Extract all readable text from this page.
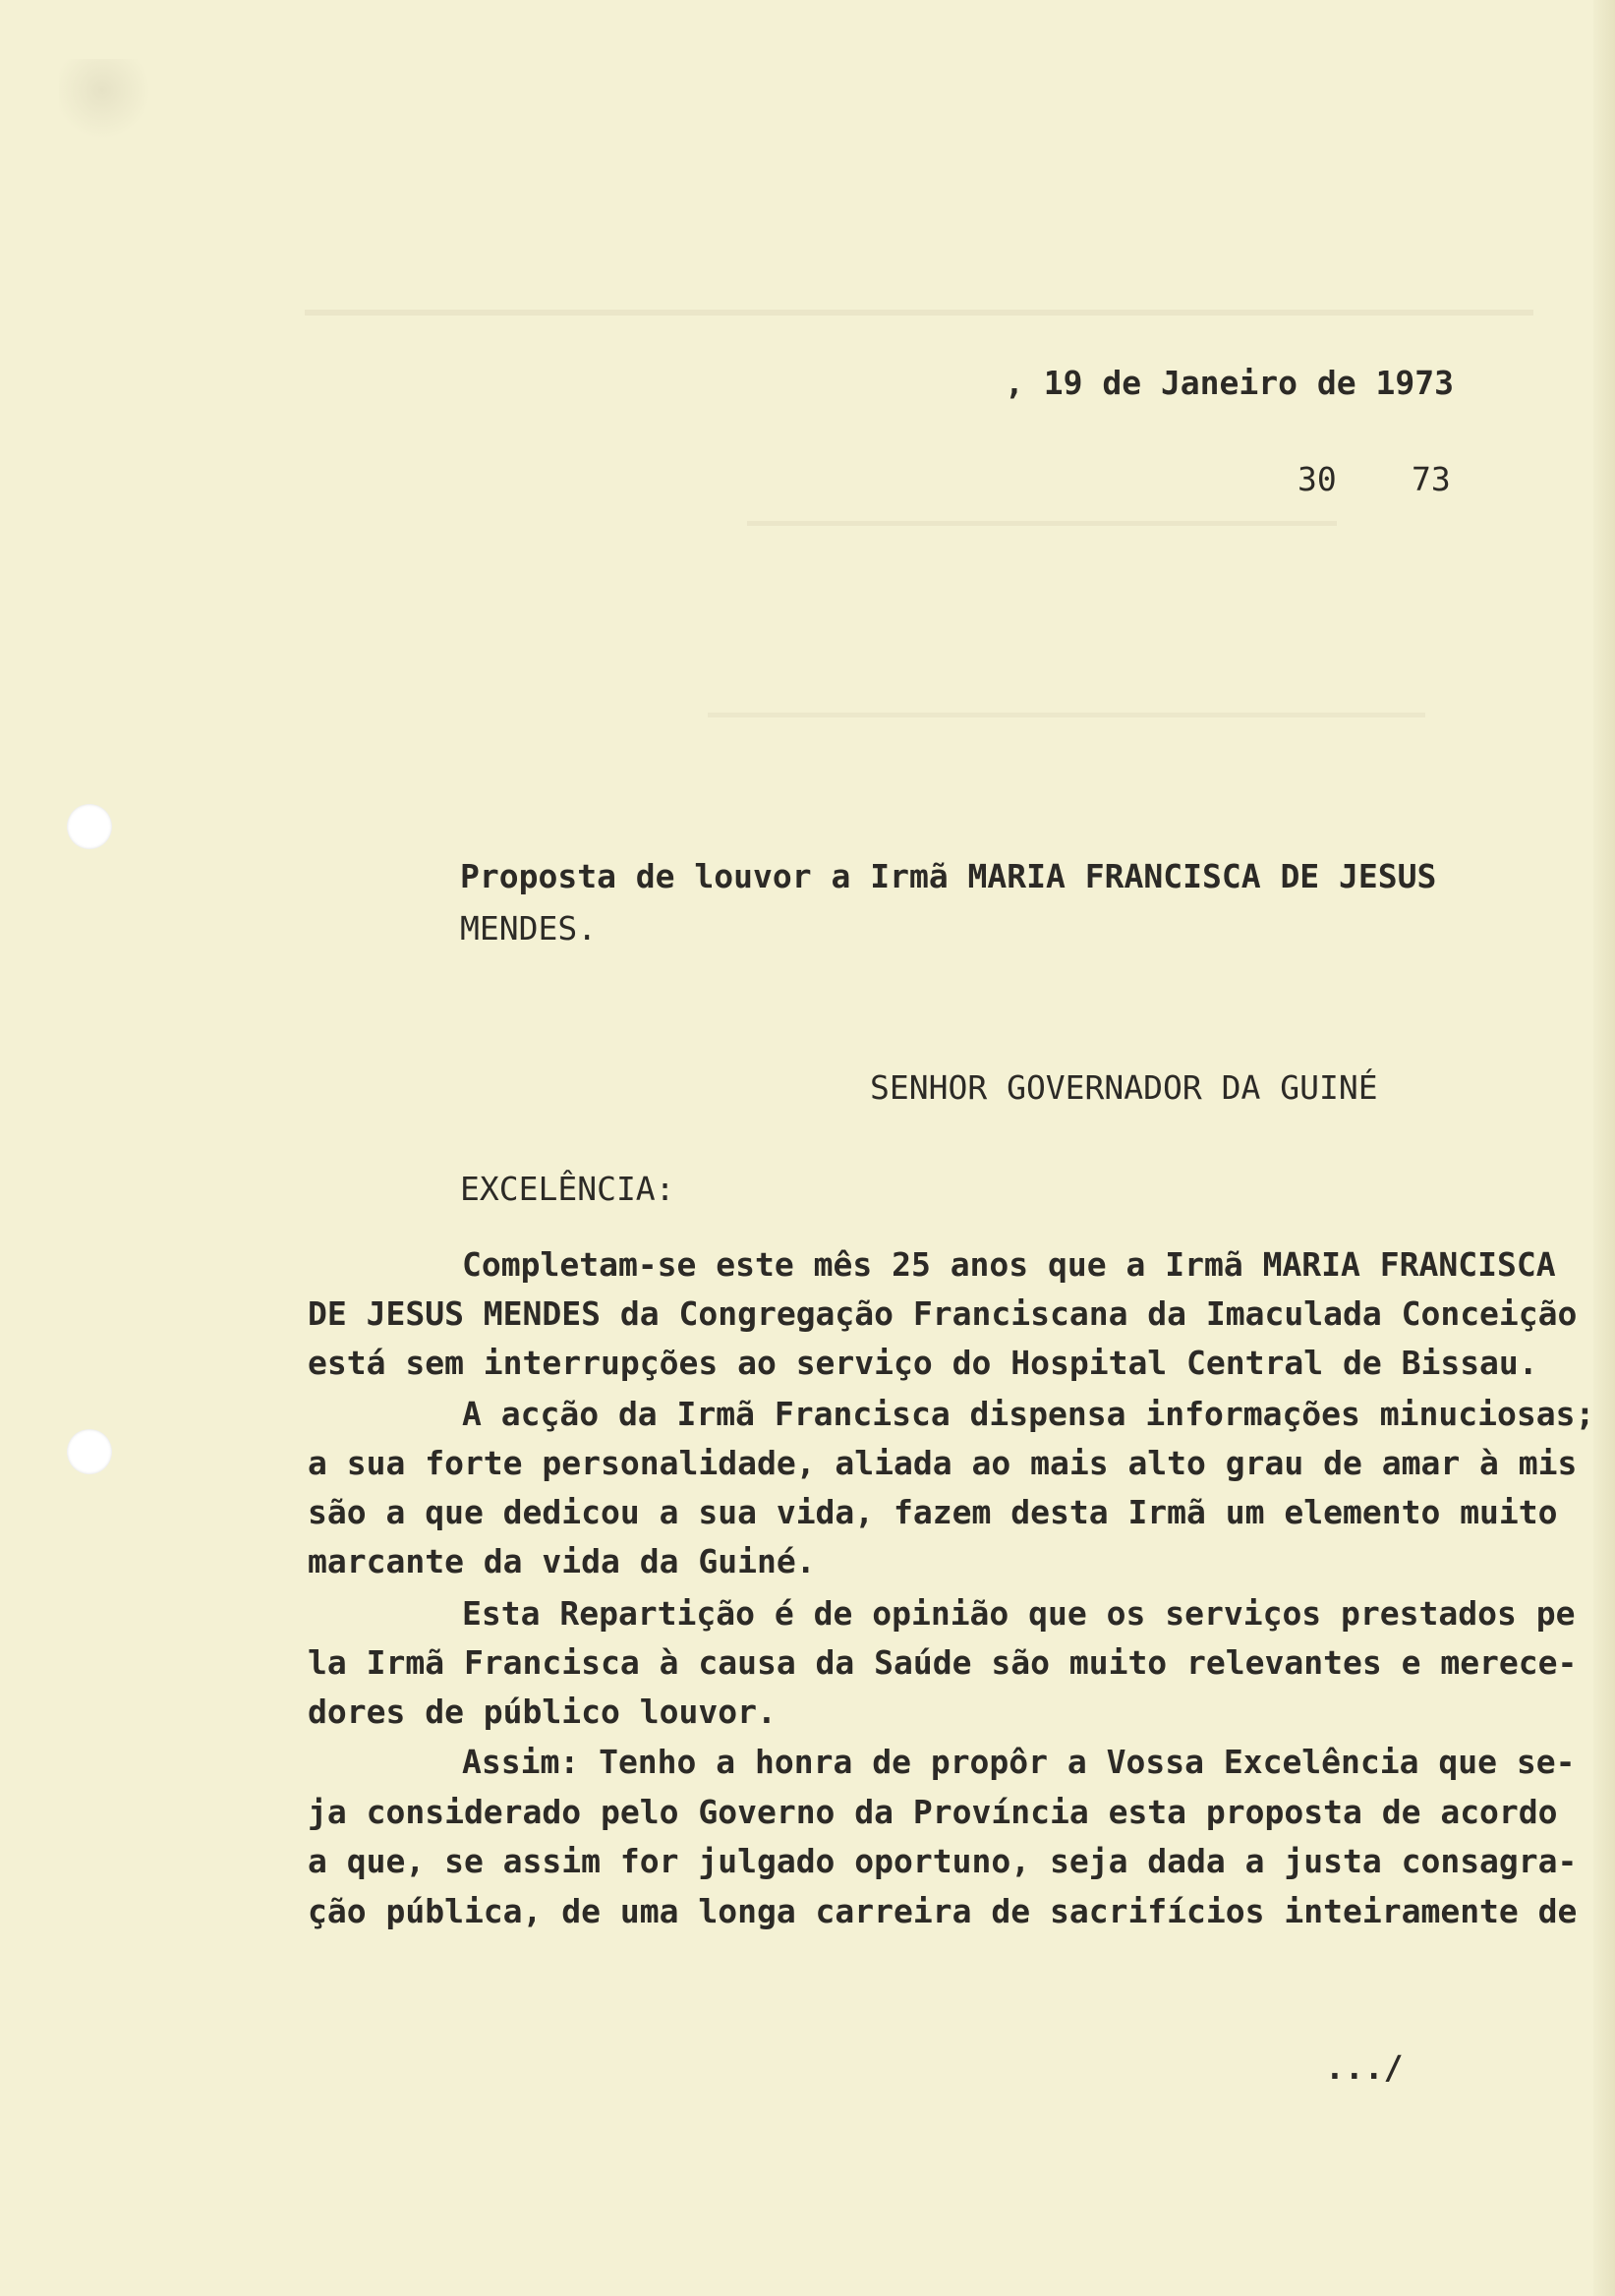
, 19 de Janeiro de 1973
30 73
Proposta de louvor a Irmã MARIA FRANCISCA DE JESUS
MENDES.
SENHOR GOVERNADOR DA GUINÉ
EXCELÊNCIA:
Completam-se este mês 25 anos que a Irmã MARIA FRANCISCA
DE JESUS MENDES da Congregação Franciscana da Imaculada Conceição
está sem interrupções ao serviço do Hospital Central de Bissau.
A acção da Irmã Francisca dispensa informações minuciosas;
a sua forte personalidade, aliada ao mais alto grau de amar à mis
são a que dedicou a sua vida, fazem desta Irmã um elemento muito
marcante da vida da Guiné.
Esta Repartição é de opinião que os serviços prestados pe
la Irmã Francisca à causa da Saúde são muito relevantes e merece-
dores de público louvor.
Assim: Tenho a honra de propôr a Vossa Excelência que se-
ja considerado pelo Governo da Província esta proposta de acordo
a que, se assim for julgado oportuno, seja dada a justa consagra-
ção pública, de uma longa carreira de sacrifícios inteiramente de
.../
